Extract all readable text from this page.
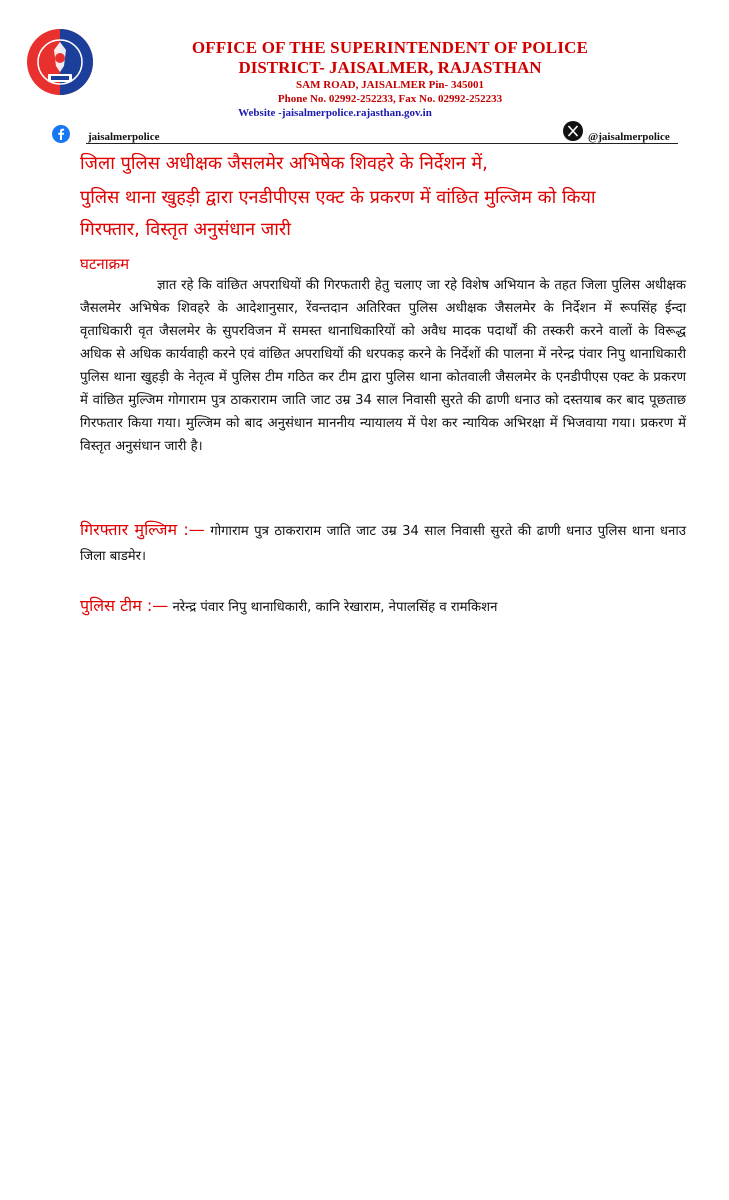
OFFICE OF THE SUPERINTENDENT OF POLICE
DISTRICT- JAISALMER, RAJASTHAN
SAM ROAD, JAISALMER Pin- 345001
Phone No. 02992-252233, Fax No. 02992-252233
Website -jaisalmerpolice.rajasthan.gov.in
jaisalmerpolice	@jaisalmerpolice
जिला पुलिस अधीक्षक जैसलमेर अभिषेक शिवहरे के निर्देशन में,
पुलिस थाना खुहड़ी द्वारा एनडीपीएस एक्ट के प्रकरण में वांछित मुल्जिम को किया
गिरफ्तार, विस्तृत अनुसंधान जारी
घटनाक्रम
ज्ञात रहे कि वांछित अपराधियों की गिरफतारी हेतु चलाए जा रहे विशेष अभियान के तहत जिला पुलिस अधीक्षक जैसलमेर अभिषेक शिवहरे के आदेशानुसार, रेंवन्तदान अतिरिक्त पुलिस अधीक्षक जैसलमेर के निर्देशन में रूपसिंह ईन्दा वृताधिकारी वृत जैसलमेर के सुपरविजन में समस्त थानाधिकारियों को अवैध मादक पदार्थों की तस्करी करने वालों के विरूद्ध अधिक से अधिक कार्यवाही करने एवं वांछित अपराधियों की धरपकड़ करने के निर्देशों की पालना में नरेन्द्र पंवार निपु थानाधिकारी पुलिस थाना खुहड़ी के नेतृत्व में पुलिस टीम गठित कर टीम द्वारा पुलिस थाना कोतवाली जैसलमेर के एनडीपीएस एक्ट के प्रकरण में वांछित मुल्जिम गोगाराम पुत्र ठाकराराम जाति जाट उम्र 34 साल निवासी सुरते की ढाणी धनाउ को दस्तयाब कर बाद पूछताछ गिरफतार किया गया। मुल्जिम को बाद अनुसंधान माननीय न्यायालय में पेश कर न्यायिक अभिरक्षा में भिजवाया गया। प्रकरण में विस्तृत अनुसंधान जारी है।
गिरफ्तार मुल्जिम :— गोगाराम पुत्र ठाकराराम जाति जाट उम्र 34 साल निवासी सुरते की ढाणी धनाउ पुलिस थाना धनाउ जिला बाडमेर।
पुलिस टीम :— नरेन्द्र पंवार निपु थानाधिकारी, कानि रेखाराम, नेपालसिंह व रामकिशन
